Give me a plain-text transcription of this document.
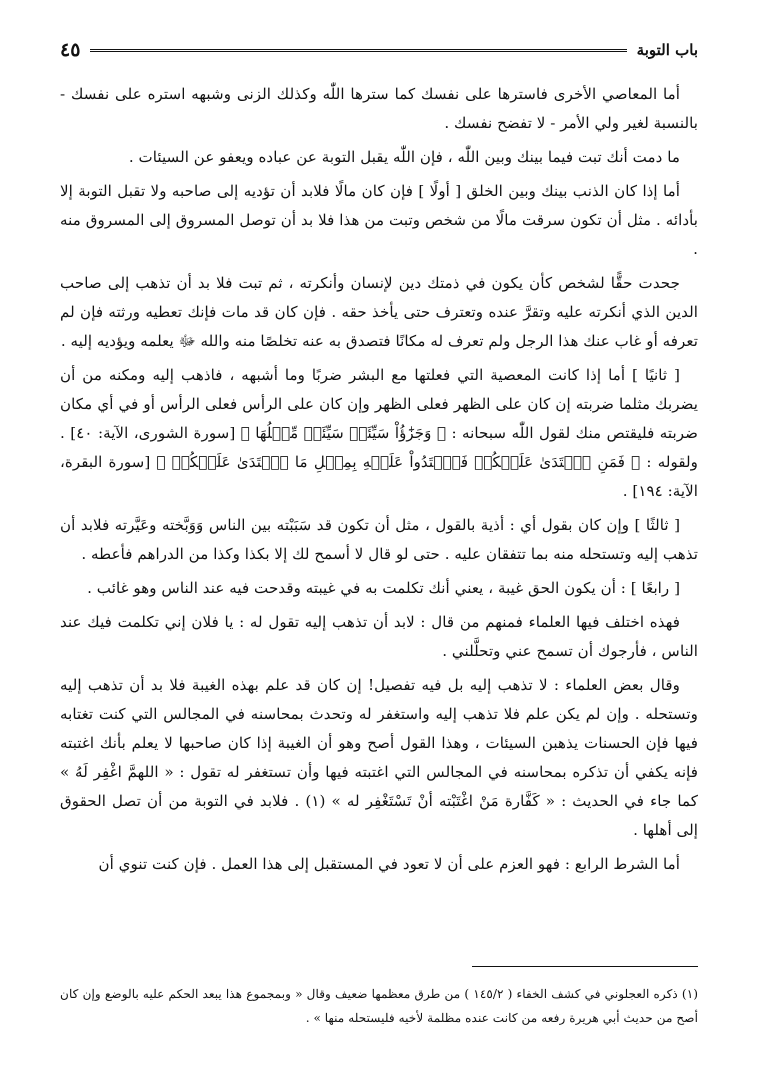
باب التوبة
٤٥

أما المعاصي الأخرى فاسترها على نفسك كما سترها اللّٰه وكذلك الزنى وشبهه استره على نفسك - بالنسبة لغير ولي الأمر - لا تفضح نفسك .

ما دمت أنك تبت فيما بينك وبين اللّٰه ، فإن اللّٰه يقبل التوبة عن عباده ويعفو عن السيئات .

أما إذا كان الذنب بينك وبين الخلق [ أولًا ] فإن كان مالًا فلابد أن تؤديه إلى صاحبه ولا تقبل التوبة إلا بأدائه . مثل أن تكون سرقت مالًا من شخص وتبت من هذا فلا بد أن توصل المسروق إلى المسروق منه .

جحدت حقًّا لشخص كأن يكون في ذمتك دين لإنسان وأنكرته ، ثم تبت فلا بد أن تذهب إلى صاحب الدين الذي أنكرته عليه وتقرَّ عنده وتعترف حتى يأخذ حقه . فإن كان قد مات فإنك تعطيه ورثته فإن لم تعرفه أو غاب عنك هذا الرجل ولم تعرف له مكانًا فتصدق به عنه تخلصًا منه والله ﷻ يعلمه ويؤديه إليه .

[ ثانيًا ] أما إذا كانت المعصية التي فعلتها مع البشر ضربًا وما أشبهه ، فاذهب إليه ومكنه من أن يضربك مثلما ضربته إن كان على الظهر فعلى الظهر وإن كان على الرأس فعلى الرأس أو في أي مكان ضربته فليقتص منك لقول اللّٰه سبحانه : ﴿ وَجَزَٰٓؤُاْ سَيِّئَةٖ سَيِّئَةٞ مِّثۡلُهَا ﴾ [سورة الشورى، الآية: ٤٠] . ولقوله : ﴿ فَمَنِ ٱعۡتَدَىٰ عَلَيۡكُمۡ فَٱعۡتَدُواْ عَلَيۡهِ بِمِثۡلِ مَا ٱعۡتَدَىٰ عَلَيۡكُمۡ ﴾ [سورة البقرة، الآية: ١٩٤] .

[ ثالثًا ] وإن كان بقول أي : أذية بالقول ، مثل أن تكون قد سَبَبْته بين الناس وَوَبَّخته وعَيَّرته فلابد أن تذهب إليه وتستحله منه بما تتفقان عليه . حتى لو قال لا أسمح لك إلا بكذا وكذا من الدراهم فأعطه .

[ رابعًا ] : أن يكون الحق غيبة ، يعني أنك تكلمت به في غيبته وقدحت فيه عند الناس وهو غائب .

فهذه اختلف فيها العلماء فمنهم من قال : لابد أن تذهب إليه تقول له : يا فلان إني تكلمت فيك عند الناس ، فأرجوك أن تسمح عني وتحلَّلني .

وقال بعض العلماء : لا تذهب إليه بل فيه تفصيل! إن كان قد علم بهذه الغيبة فلا بد أن تذهب إليه وتستحله . وإن لم يكن علم فلا تذهب إليه واستغفر له وتحدث بمحاسنه في المجالس التي كنت تغتابه فيها فإن الحسنات يذهبن السيئات ، وهذا القول أصح وهو أن الغيبة إذا كان صاحبها لا يعلم بأنك اغتبته فإنه يكفي أن تذكره بمحاسنه في المجالس التي اغتبته فيها وأن تستغفر له تقول : « اللهمَّ اغْفِر لَهُ » كما جاء في الحديث : « كَفَّارة مَنْ اغْتَبْته أنْ تَسْتَغْفِر له » (١) . فلابد في التوبة من أن تصل الحقوق إلى أهلها .

أما الشرط الرابع : فهو العزم على أن لا تعود في المستقبل إلى هذا العمل . فإن كنت تنوي أن

(١) ذكره العجلوني في كشف الخفاء ( ١٤٥/٢ ) من طرق معظمها ضعيف وقال « وبمجموع هذا يبعد الحكم عليه بالوضع وإن كان أصح من حديث أبي هريرة رفعه من كانت عنده مظلمة لأخيه فليستحله منها » .
